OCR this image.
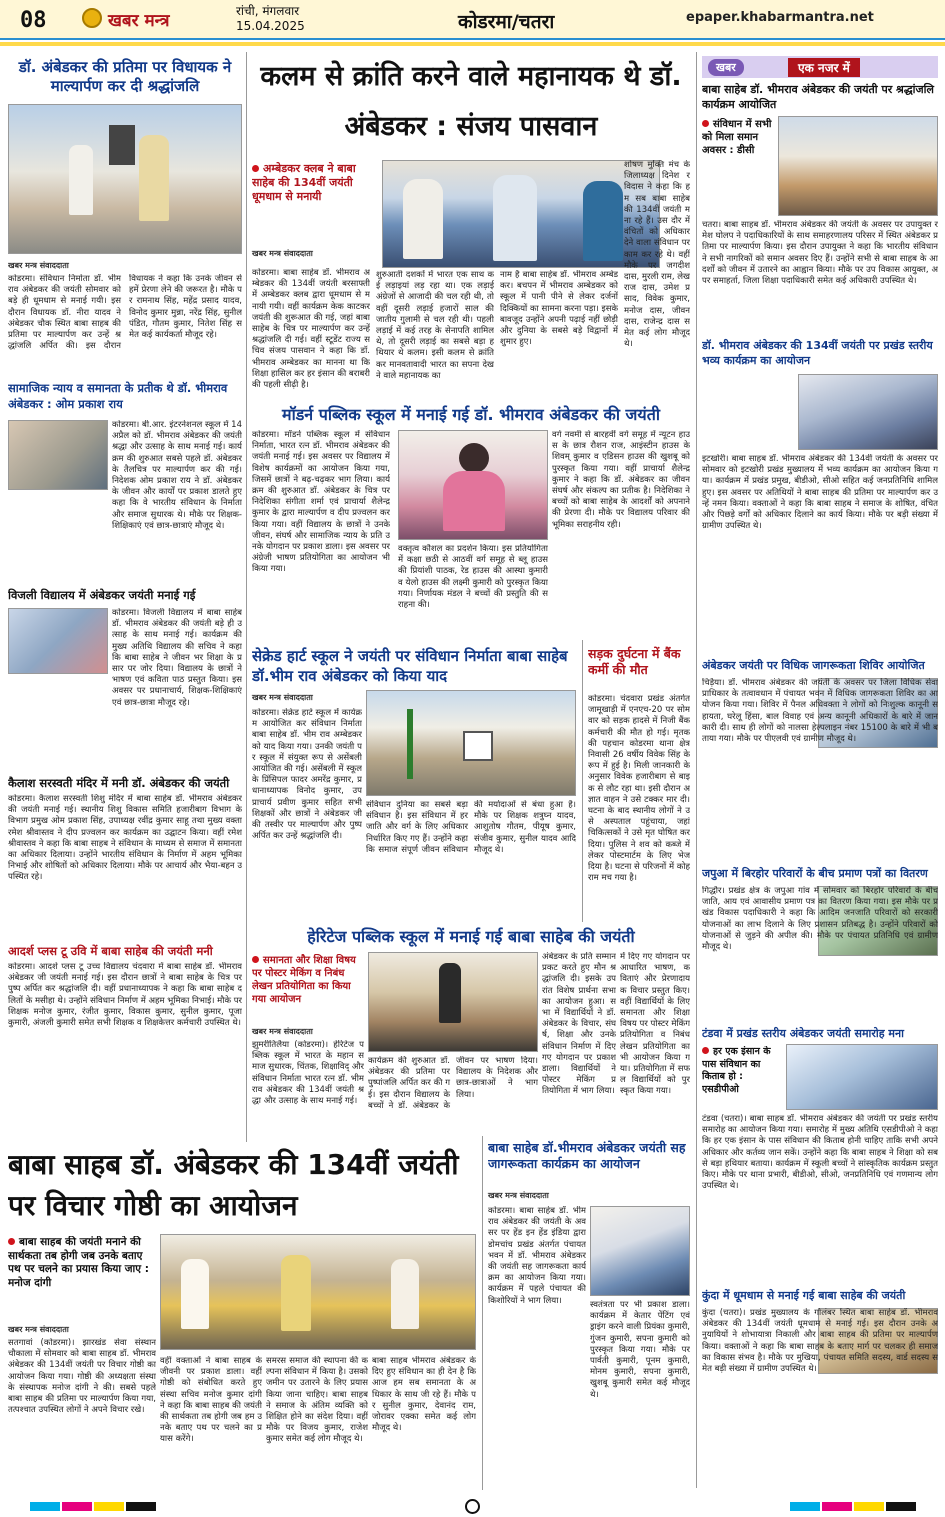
08	खबर मन्त्र	रांची, मंगलवार
15.04.2025	कोडरमा/चतरा	epaper.khabarmantra.net
डॉ. अंबेडकर की प्रतिमा पर विधायक ने माल्यार्पण कर दी श्रद्धांजलि
खबर मन्त्र संवाददाता
कोडरमा। संविधान निर्माता डॉ. भीमराव अंबेडकर की जयंती सोमवार को बड़े ही धूमधाम से मनाई गयी। इस दौरान विधायक डॉ. नीरा यादव ने अंबेडकर चौक स्थित बाबा साहब की प्रतिमा पर माल्यार्पण कर उन्हें श्रद्धांजलि अर्पित की। इस दौरान विधायक ने कहा कि उनके जीवन से हमें प्रेरणा लेने की जरूरत है। मौके पर रामनाथ सिंह, महेंद्र प्रसाद यादव, विनोद कुमार मुन्ना, नरेंद्र सिंह, सुनील पंडित, गौतम कुमार, नितेश सिंह समेत कई कार्यकर्ता मौजूद रहे।
सामाजिक न्याय व समानता के प्रतीक थे डॉ. भीमराव अंबेडकर : ओम प्रकाश राय
कोडरमा। बी.आर. इंटरनेशनल स्कूल में 14 अप्रैल को डॉ. भीमराव अंबेडकर की जयंती श्रद्धा और उत्साह के साथ मनाई गई। कार्यक्रम की शुरुआत सबसे पहले डॉ. अंबेडकर के तैलचित्र पर माल्यार्पण कर की गई। निदेशक ओम प्रकाश राय ने डॉ. अंबेडकर के जीवन और कार्यों पर प्रकाश डालते हुए कहा कि वे भारतीय संविधान के निर्माता और समाज सुधारक थे। मौके पर शिक्षक-शिक्षिकाएं एवं छात्र-छात्राएं मौजूद थे।
विजली विद्यालय में अंबेडकर जयंती मनाई गई
कोडरमा। विजली विद्यालय में बाबा साहेब डॉ. भीमराव अंबेडकर की जयंती बड़े ही उत्साह के साथ मनाई गई। कार्यक्रम की मुख्य अतिथि विद्यालय की सचिव ने कहा कि बाबा साहेब ने जीवन भर शिक्षा के प्रसार पर जोर दिया। विद्यालय के छात्रों ने भाषण एवं कविता पाठ प्रस्तुत किया। इस अवसर पर प्रधानाचार्य, शिक्षक-शिक्षिकाएं एवं छात्र-छात्रा मौजूद रहे।
कैलाश सरस्वती मंदिर में मनी डॉ. अंबेडकर की जयंती
कोडरमा। कैलाश सरस्वती शिशु मंदिर में बाबा साहेब डॉ. भीमराव अंबेडकर की जयंती मनाई गई। स्थानीय शिशु विकास समिति हजारीबाग विभाग के विभाग प्रमुख ओम प्रकाश सिंह, उपाध्यक्ष रवींद्र कुमार साहू तथा मुख्य वक्ता रमेश श्रीवास्तव ने दीप प्रज्वलन कर कार्यक्रम का उद्घाटन किया। वहीं रमेश श्रीवास्तव ने कहा कि बाबा साहब ने संविधान के माध्यम से समाज में समानता का अधिकार दिलाया। उन्होंने भारतीय संविधान के निर्माण में अहम भूमिका निभाई और शोषितों को अधिकार दिलाया। मौके पर आचार्य और भैया-बहन उपस्थित रहे।
आदर्श प्लस टू उवि में बाबा साहेब की जयंती मनी
कोडरमा। आदर्श प्लस टू उच्च विद्यालय चंदवारा में बाबा साहेब डॉ. भीमराव अंबेडकर जी जयंती मनाई गई। इस दौरान छात्रों ने बाबा साहेब के चित्र पर पुष्प अर्पित कर श्रद्धांजलि दी। वहीं प्रधानाध्यापक ने कहा कि बाबा साहेब दलितों के मसीहा थे। उन्होंने संविधान निर्माण में अहम भूमिका निभाई। मौके पर शिक्षक मनोज कुमार, रंजीत कुमार, विकास कुमार, सुनील कुमार, पूजा कुमारी, अंजली कुमारी समेत सभी शिक्षक व शिक्षकेत्तर कर्मचारी उपस्थित थे।
कलम से क्रांति करने वाले महानायक थे डॉ. अंबेडकर : संजय पासवान
अम्बेडकर क्लब ने बाबा साहेब की 134वीं जयंती धूमधाम से मनायी
खबर मन्त्र संवाददाता
कोडरमा। बाबा साहेब डॉ. भीमराव अम्बेडकर की 134वीं जयंती बरसाफ्ती में अम्बेडकर क्लब द्वारा धूमधाम से मनायी गयी। वहीं कार्यक्रम केक काटकर जयंती की शुरूआत की गई, जहां बाबा साहेब के चित्र पर माल्यार्पण कर उन्हें श्रद्धांजलि दी गई। वहीं स्टूडेंट राज्य सचिव संजय पासवान ने कहा कि डॉ. भीमराव अम्बेडकर का मानना था कि शिक्षा हासिल कर हर इंसान की बराबरी की पहली सीढ़ी है।
शुरुआती दशकों में भारत एक साथ कई लड़ाइयां लड़ रहा था। एक लड़ाई अंग्रेजों से आजादी की चल रही थी, तो वहीं दूसरी लड़ाई हजारों साल की जातीय गुलामी से चल रही थी। पहली लड़ाई में कई तरह के सेनापति शामिल थे, तो दूसरी लड़ाई का सबसे बड़ा हथियार थे कलम। इसी कलम से क्रांति कर मानवतावादी भारत का सपना देखने वाले महानायक का
नाम है बाबा साहेब डॉ. भीमराव अम्बेडकर। बचपन में भीमराव अम्बेडकर को स्कूल में पानी पीने से लेकर दर्जनों दिक्कियों का सामना करना पड़ा। इसके बावजूद उन्होंने अपनी पढ़ाई नहीं छोड़ी और दुनिया के सबसे बड़े विद्वानों में शुमार हुए।
शोषण मुक्ति मंच के जिलाध्यक्ष दिनेश रविदास ने कहा कि हम सब बाबा साहेब की 134वीं जयंती मना रहे हैं। उस दौर में वंचितों को अधिकार देने वाला संविधान पर काम कर रहे थे। वहीं मौके पर जगदीश दास, मुरली राम, लेखराज दास, उमेश प्रसाद, विवेक कुमार, मनोज दास, जीवन दास, राजेन्द्र दास समेत कई लोग मौजूद थे।
मॉडर्न पब्लिक स्कूल में मनाई गई डॉ. भीमराव अंबेडकर की जयंती
कोडरमा। मॉडर्न पब्लिक स्कूल में संविधान निर्माता, भारत रत्न डॉ. भीमराव अंबेडकर की जयंती मनाई गई। इस अवसर पर विद्यालय में विशेष कार्यक्रमों का आयोजन किया गया, जिसमें छात्रों ने बढ़-चढ़कर भाग लिया। कार्यक्रम की शुरुआत डॉ. अंबेडकर के चित्र पर निदेशिका संगीता शर्मा एवं प्राचार्या शैलेन्द्र कुमार के द्वारा माल्यार्पण व दीप प्रज्वलन कर किया गया। वहीं विद्यालय के छात्रों ने उनके जीवन, संघर्ष और सामाजिक न्याय के प्रति उनके योगदान पर प्रकाश डाला। इस अवसर पर अंग्रेजी भाषण प्रतियोगिता का आयोजन भी किया गया।
वक्तृत्व कौशल का प्रदर्शन किया। इस प्रतियोगिता में कक्षा छठी से आठवीं वर्ग समूह से ब्लू हाउस की प्रियांशी पाठक, रेड हाउस की आस्था कुमारी व येलो हाउस की लक्ष्मी कुमारी को पुरस्कृत किया गया। निर्णायक मंडल ने बच्चों की प्रस्तुति की सराहना की।
वर्ग नवमी से बारहवीं वर्ग समूह में न्यूटन हाउस के छात्र रौशन राज, आइंस्टीन हाउस के शिवम् कुमार व एडिसन हाउस की खुशबू को पुरस्कृत किया गया। वहीं प्राचार्या शैलेन्द्र कुमार ने कहा कि डॉ. अंबेडकर का जीवन संघर्ष और संकल्प का प्रतीक है। निदेशिका ने बच्चों को बाबा साहेब के आदर्शों को अपनाने की प्रेरणा दी। मौके पर विद्यालय परिवार की भूमिका सराहनीय रही।
सेक्रेड हार्ट स्कूल ने जयंती पर संविधान निर्माता बाबा साहेब डॉ.भीम राव अंबेडकर को किया याद
खबर मन्त्र संवाददाता
कोडरमा। सेक्रेड हार्ट स्कूल में कार्यक्रम आयोजित कर संविधान निर्माता बाबा साहेब डॉ. भीम राव अम्बेडकर को याद किया गया। उनकी जयंती पर स्कूल में संयुक्त रूप से असेंबली आयोजित की गई। असेंबली में स्कूल के प्रिंसिपल फादर अमरेंद्र कुमार, प्रधानाध्यापक विनोद कुमार, उप प्राचार्य प्रवीण कुमार सहित सभी शिक्षकों और छात्रों ने अंबेडकर जी की तस्वीर पर माल्यार्पण और पुष्प अर्पित कर उन्हें श्रद्धांजलि दी।
संविधान दुनिया का सबसे बड़ा संविधान है। इस संविधान में हर जाति और वर्ग के लिए अधिकार निर्धारित किए गए हैं। उन्होंने कहा कि समाज संपूर्ण जीवन संविधान की मर्यादाओं से बंधा हुआ है। मौके पर शिक्षक शत्रुघ्न यादव, आशुतोष गौतम, पीयूष कुमार, संजीव कुमार, सुनील यादव आदि मौजूद थे।
सड़क दुर्घटना में बैंक कर्मी की मौत
कोडरमा। चंदवारा प्रखंड अंतर्गत जामूखाड़ी में एनएच-20 पर सोमवार को सड़क हादसे में निजी बैंक कर्मचारी की मौत हो गई। मृतक की पहचान कोडरमा थाना क्षेत्र निवासी 26 वर्षीय विवेक सिंह के रूप में हुई है। मिली जानकारी के अनुसार विवेक हजारीबाग से बाइक से लौट रहा था। इसी दौरान अज्ञात वाहन ने उसे टक्कर मार दी। घटना के बाद स्थानीय लोगों ने उसे अस्पताल पहुंचाया, जहां चिकित्सकों ने उसे मृत घोषित कर दिया। पुलिस ने शव को कब्जे में लेकर पोस्टमार्टम के लिए भेज दिया है। घटना से परिजनों में कोहराम मच गया है।
हेरिटेज पब्लिक स्कूल में मनाई गई बाबा साहेब की जयंती
समानता और शिक्षा विषय पर पोस्टर मेकिंग व निबंध लेखन प्रतियोगिता का किया गया आयोजन
खबर मन्त्र संवाददाता
झुमरीतिलैया (कोडरमा)। हेरिटेज पब्लिक स्कूल में भारत के महान समाज सुधारक, चिंतक, शिक्षाविद् और संविधान निर्माता भारत रत्न डॉ. भीमराव अंबेडकर की 134वीं जयंती श्रद्धा और उत्साह के साथ मनाई गई।
कार्यक्रम की शुरुआत डॉ. अंबेडकर की प्रतिमा पर पुष्पांजलि अर्पित कर की गई। इस दौरान विद्यालय के बच्चों ने डॉ. अंबेडकर के जीवन पर भाषण दिया। विद्यालय के निदेशक और छात्र-छात्राओं ने भाग लिया।
अंबेडकर के प्रति सम्मान प्रकट करते हुए मौन श्रद्धांजलि दी। इसके उपरांत विशेष प्रार्थना सभा का आयोजन हुआ। सभा में विद्यार्थियों ने डॉ. अंबेडकर के विचार, संघर्ष, शिक्षा और उनके संविधान निर्माण में दिए गए योगदान पर प्रकाश डाला। विद्यार्थियों ने पोस्टर मेकिंग प्रतियोगिता में भाग लिया।
में दिए गए योगदान पर आधारित भाषण, कविताएं और प्रेरणादायक विचार प्रस्तुत किए। वहीं विद्यार्थियों के लिए समानता और शिक्षा विषय पर पोस्टर मेकिंग प्रतियोगिता व निबंध लेखन प्रतियोगिता का भी आयोजन किया गया। प्रतियोगिता में सफल विद्यार्थियों को पुरस्कृत किया गया।
बाबा साहब डॉ. अंबेडकर की 134वीं जयंती पर विचार गोष्ठी का आयोजन
बाबा साहब की जयंती मनाने की सार्थकता तब होगी जब उनके बताए पथ पर चलने का प्रयास किया जाए : मनोज दांगी
खबर मन्त्र संवाददाता
सतगावां (कोडरमा)। झारखंड सेवा संस्थान चौकाला में सोमवार को बाबा साहब डॉ. भीमराव अंबेडकर की 134वीं जयंती पर विचार गोष्ठी का आयोजन किया गया। गोष्ठी की अध्यक्षता संस्था के संस्थापक मनोज दांगी ने की। सबसे पहले बाबा साहब की प्रतिमा पर माल्यार्पण किया गया, तत्पश्चात उपस्थित लोगों ने अपने विचार रखे।
वहीं वक्ताओं ने बाबा साहब के जीवनी पर प्रकाश डाला। वहीं गोष्ठी को संबोधित करते हुए संस्था सचिव मनोज कुमार दांगी ने कहा कि बाबा साहब की जयंती की सार्थकता तब होगी जब हम उनके बताए पथ पर चलने का प्रयास करेंगे।
समरस समाज की स्थापना की कल्पना संविधान में किया है। उसको जमीन पर उतारने के लिए प्रयास किया जाना चाहिए। बाबा साहब ने समाज के अंतिम व्यक्ति को शिक्षित होने का संदेश दिया। वहीं मौके पर विजय कुमार, राजेश कुमार समेत कई लोग मौजूद थे।
बाबा साहब भीमराव अंबेडकर के दिए हुए संविधान का ही देन है कि आज हम सब समानता के अधिकार के साथ जी रहे हैं। मौके पर सुनील कुमार, देवानंद राम, जोरावर एक्का समेत कई लोग मौजूद थे।
बाबा साहेब डॉ.भीमराव अंबेडकर जयंती सह जागरूकता कार्यक्रम का आयोजन
खबर मन्त्र संवाददाता
कोडरमा। बाबा साहेब डॉ. भीमराव अंबेडकर की जयंती के अवसर पर हेंड इन हेंड इंडिया द्वारा डोमचांच प्रखंड अंतर्गत पंचायत भवन में डॉ. भीमराव अंबेडकर की जयंती सह जागरूकता कार्यक्रम का आयोजन किया गया। कार्यक्रम में पहले पंचायत की किशोरियों ने भाग लिया।	स्वतंत्रता पर भी प्रकाश डाला। कार्यक्रम में केतार पेंटिंग एवं ड्राइंग करने वाली प्रियंका कुमारी, गुंजन कुमारी, सपना कुमारी को पुरस्कृत किया गया। मौके पर पार्वती कुमारी, पूनम कुमारी, मोनम कुमारी, सपना कुमारी, खुशबू कुमारी समेत कई मौजूद थे।
खबर	एक नजर में
बाबा साहेब डॉ. भीमराव अंबेडकर की जयंती पर श्रद्धांजलि कार्यक्रम आयोजित
संविधान में सभी को मिला समान अवसर : डीसी
चतरा। बाबा साहब डॉ. भीमराव अंबेडकर की जयंती के अवसर पर उपायुक्त रमेश घोलप ने पदाधिकारियों के साथ समाहरणालय परिसर में स्थित अंबेडकर प्रतिमा पर माल्यार्पण किया। इस दौरान उपायुक्त ने कहा कि भारतीय संविधान ने सभी नागरिकों को समान अवसर दिए हैं। उन्होंने सभी से बाबा साहब के आदर्शों को जीवन में उतारने का आह्वान किया। मौके पर उप विकास आयुक्त, अपर समाहर्ता, जिला शिक्षा पदाधिकारी समेत कई अधिकारी उपस्थित थे।
डॉ. भीमराव अंबेडकर की 134वीं जयंती पर प्रखंड स्तरीय भव्य कार्यक्रम का आयोजन
इटखोरी। बाबा साहब डॉ. भीमराव अंबेडकर की 134वीं जयंती के अवसर पर सोमवार को इटखोरी प्रखंड मुख्यालय में भव्य कार्यक्रम का आयोजन किया गया। कार्यक्रम में प्रखंड प्रमुख, बीडीओ, सीओ सहित कई जनप्रतिनिधि शामिल हुए। इस अवसर पर अतिथियों ने बाबा साहब की प्रतिमा पर माल्यार्पण कर उन्हें नमन किया। वक्ताओं ने कहा कि बाबा साहब ने समाज के शोषित, वंचित और पिछड़े वर्गों को अधिकार दिलाने का कार्य किया। मौके पर बड़ी संख्या में ग्रामीण उपस्थित थे।
अंबेडकर जयंती पर विधिक जागरूकता शिविर आयोजित
चिड़ैया। डॉ. भीमराव अंबेडकर की जयंती के अवसर पर जिला विधिक सेवा प्राधिकार के तत्वावधान में पंचायत भवन में विधिक जागरूकता शिविर का आयोजन किया गया। शिविर में पैनल अधिवक्ता ने लोगों को निःशुल्क कानूनी सहायता, घरेलू हिंसा, बाल विवाह एवं अन्य कानूनी अधिकारों के बारे में जानकारी दी। साथ ही लोगों को नालसा हेल्पलाइन नंबर 15100 के बारे में भी बताया गया। मौके पर पीएलवी एवं ग्रामीण मौजूद थे।
जपुआ में बिरहोर परिवारों के बीच प्रमाण पत्रों का वितरण
गिद्धौर। प्रखंड क्षेत्र के जपुआ गांव में सोमवार को बिरहोर परिवारों के बीच जाति, आय एवं आवासीय प्रमाण पत्र का वितरण किया गया। इस मौके पर प्रखंड विकास पदाधिकारी ने कहा कि आदिम जनजाति परिवारों को सरकारी योजनाओं का लाभ दिलाने के लिए प्रशासन प्रतिबद्ध है। उन्होंने परिवारों को योजनाओं से जुड़ने की अपील की। मौके पर पंचायत प्रतिनिधि एवं ग्रामीण मौजूद थे।
टंडवा में प्रखंड स्तरीय अंबेडकर जयंती समारोह मना
हर एक इंसान के पास संविधान का किताब हो : एसडीपीओ
टंडवा (चतरा)। बाबा साहब डॉ. भीमराव अंबेडकर की जयंती पर प्रखंड स्तरीय समारोह का आयोजन किया गया। समारोह में मुख्य अतिथि एसडीपीओ ने कहा कि हर एक इंसान के पास संविधान की किताब होनी चाहिए ताकि सभी अपने अधिकार और कर्तव्य जान सकें। उन्होंने कहा कि बाबा साहब ने शिक्षा को सबसे बड़ा हथियार बताया। कार्यक्रम में स्कूली बच्चों ने सांस्कृतिक कार्यक्रम प्रस्तुत किए। मौके पर थाना प्रभारी, बीडीओ, सीओ, जनप्रतिनिधि एवं गणमान्य लोग उपस्थित थे।
कुंदा में धूमधाम से मनाई गई बाबा साहेब की जयंती
कुंदा (चतरा)। प्रखंड मुख्यालय के गोलंबर स्थित बाबा साहेब डॉ. भीमराव अंबेडकर की 134वीं जयंती धूमधाम से मनाई गई। इस दौरान उनके अनुयायियों ने शोभायात्रा निकाली और बाबा साहब की प्रतिमा पर माल्यार्पण किया। वक्ताओं ने कहा कि बाबा साहब के बताए मार्ग पर चलकर ही समाज का विकास संभव है। मौके पर मुखिया, पंचायत समिति सदस्य, वार्ड सदस्य समेत बड़ी संख्या में ग्रामीण उपस्थित थे।
